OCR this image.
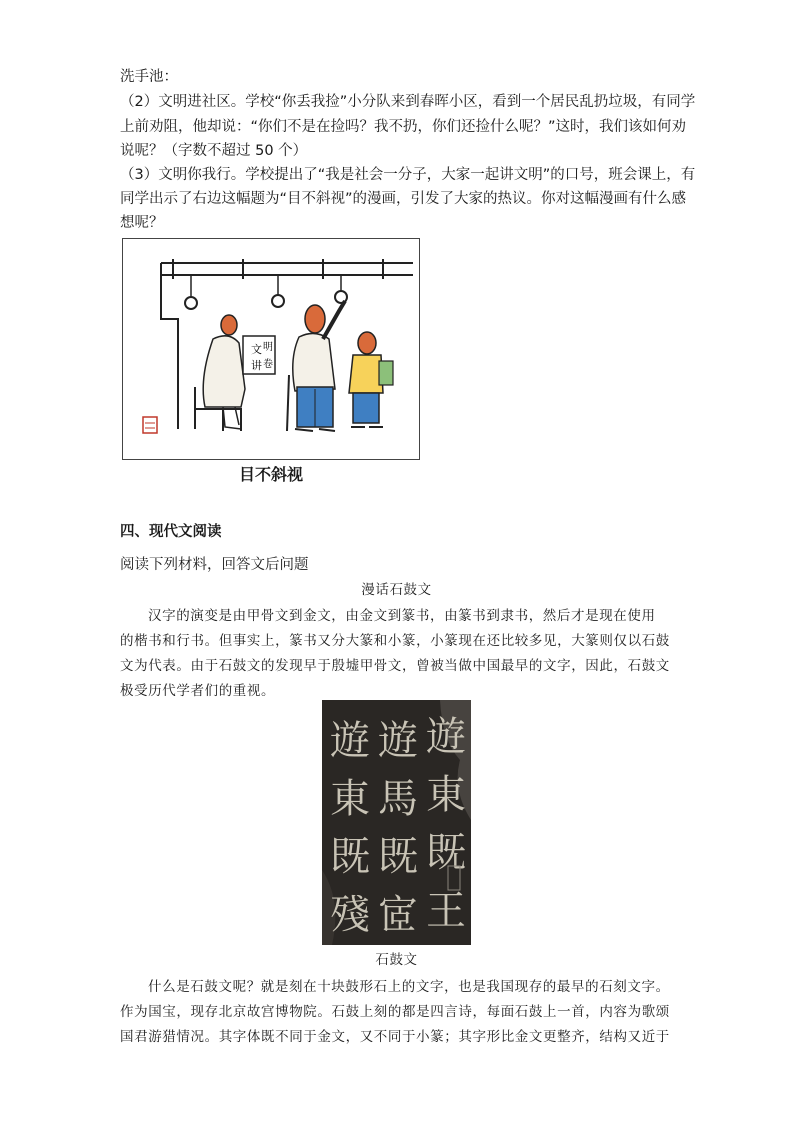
洗手池：
（2）文明进社区。学校“你丢我捡”小分队来到春晖小区，看到一个居民乱扔垃圾，有同学
上前劝阻，他却说：“你们不是在捡吗？我不扔，你们还捡什么呢？”这时，我们该如何劝
说呢？（字数不超过 50 个）
（3）文明你我行。学校提出了“我是社会一分子，大家一起讲文明”的口号，班会课上，有
同学出示了右边这幅题为“目不斜视”的漫画，引发了大家的热议。你对这幅漫画有什么感
想呢？
文 明
讲 卷
目不斜视
四、现代文阅读
阅读下列材料，回答文后问题
漫话石鼓文
汉字的演变是由甲骨文到金文，由金文到篆书，由篆书到隶书，然后才是现在使用
的楷书和行书。但事实上，篆书又分大篆和小篆，小篆现在还比较多见，大篆则仅以石鼓
文为代表。由于石鼓文的发现早于殷墟甲骨文，曾被当做中国最早的文字，因此，石鼓文
极受历代学者们的重视。
遊
東
既
王
遊
馬
既
宧
遊
東
既
殘
石鼓文
什么是石鼓文呢？就是刻在十块鼓形石上的文字，也是我国现存的最早的石刻文字。
作为国宝，现存北京故宫博物院。石鼓上刻的都是四言诗，每面石鼓上一首，内容为歌颂
国君游猎情况。其字体既不同于金文，又不同于小篆；其字形比金文更整齐，结构又近于
